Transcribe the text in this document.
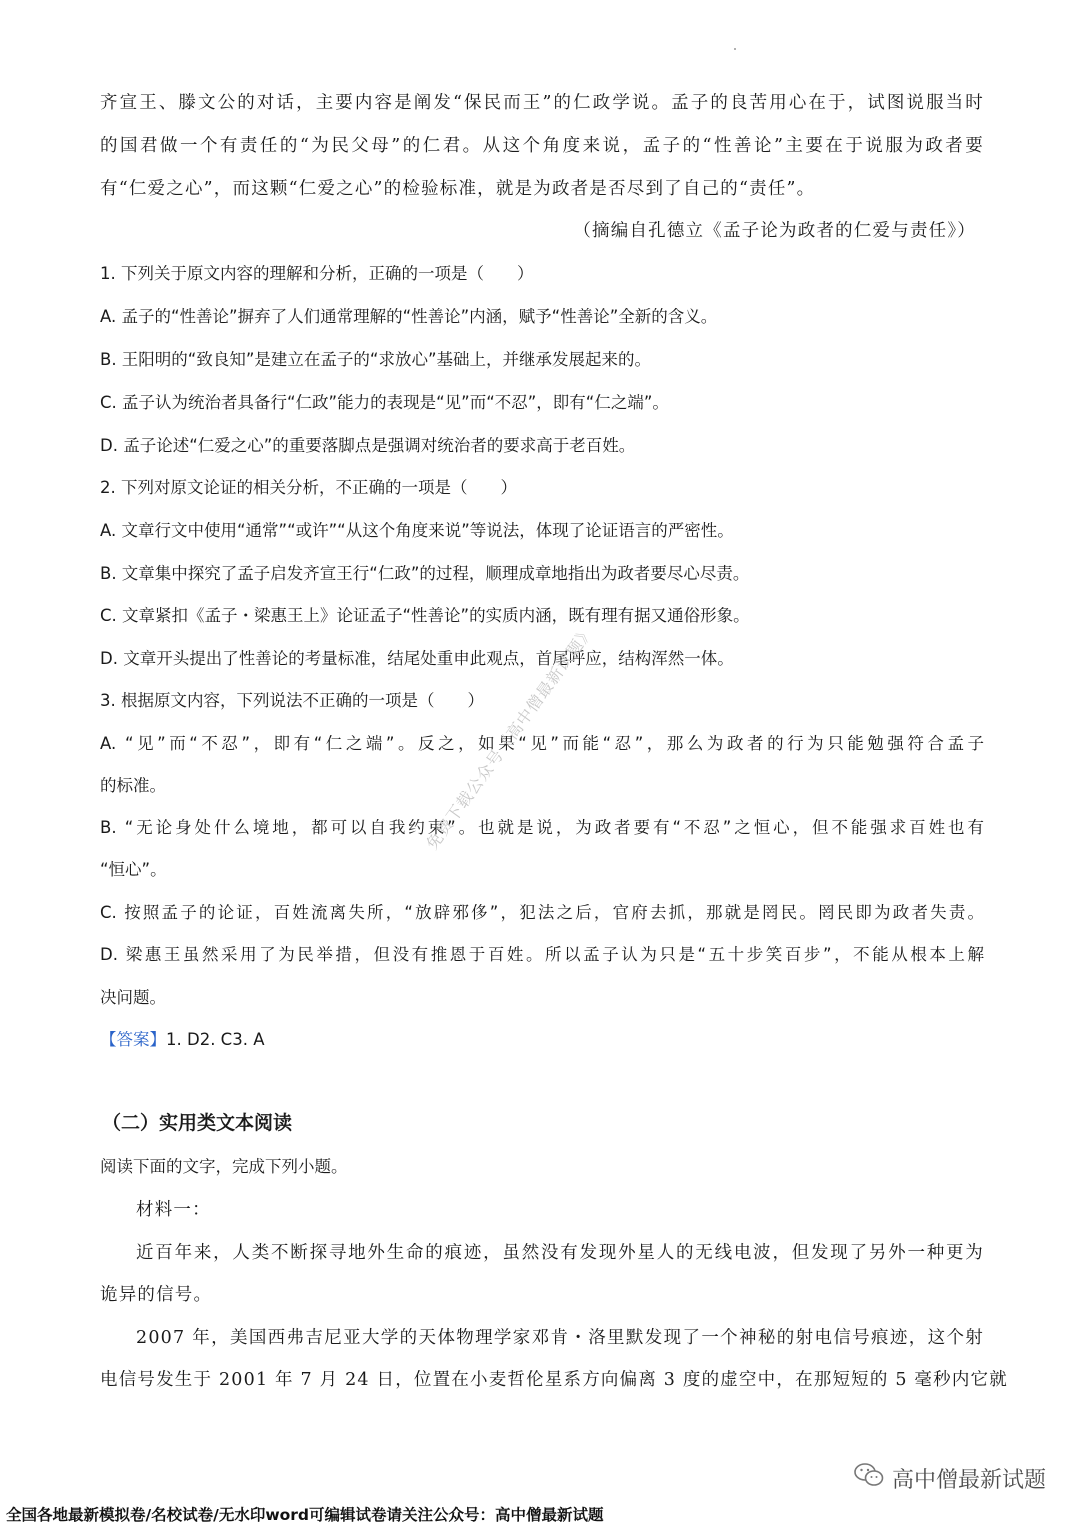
齐宣王、滕文公的对话，主要内容是阐发“保民而王”的仁政学说。孟子的良苦用心在于，试图说服当时
的国君做一个有责任的“为民父母”的仁君。从这个角度来说，孟子的“性善论”主要在于说服为政者要
有“仁爱之心”，而这颗“仁爱之心”的检验标准，就是为政者是否尽到了自己的“责任”。
（摘编自孔德立《孟子论为政者的仁爱与责任》）
1. 下列关于原文内容的理解和分析，正确的一项是（　　）
A. 孟子的“性善论”摒弃了人们通常理解的“性善论”内涵，赋予“性善论”全新的含义。
B. 王阳明的“致良知”是建立在孟子的“求放心”基础上，并继承发展起来的。
C. 孟子认为统治者具备行“仁政”能力的表现是“见”而“不忍”，即有“仁之端”。
D. 孟子论述“仁爱之心”的重要落脚点是强调对统治者的要求高于老百姓。
2. 下列对原文论证的相关分析，不正确的一项是（　　）
A. 文章行文中使用“通常”“或许”“从这个角度来说”等说法，体现了论证语言的严密性。
B. 文章集中探究了孟子启发齐宣王行“仁政”的过程，顺理成章地指出为政者要尽心尽责。
C. 文章紧扣《孟子・梁惠王上》论证孟子“性善论”的实质内涵，既有理有据又通俗形象。
D. 文章开头提出了性善论的考量标准，结尾处重申此观点，首尾呼应，结构浑然一体。
3. 根据原文内容，下列说法不正确的一项是（　　）
A. “见”而“不忍”，即有“仁之端”。反之，如果“见”而能“忍”，那么为政者的行为只能勉强符合孟子
的标准。
B. “无论身处什么境地，都可以自我约束”。也就是说，为政者要有“不忍”之恒心，但不能强求百姓也有
“恒心”。
C. 按照孟子的论证，百姓流离失所，“放辟邪侈”，犯法之后，官府去抓，那就是罔民。罔民即为政者失责。
D. 梁惠王虽然采用了为民举措，但没有推恩于百姓。所以孟子认为只是“五十步笑百步”，不能从根本上解
决问题。
【答案】1. D2. C3. A
（二）实用类文本阅读
阅读下面的文字，完成下列小题。
材料一：
近百年来，人类不断探寻地外生命的痕迹，虽然没有发现外星人的无线电波，但发现了另外一种更为
诡异的信号。
2007 年，美国西弗吉尼亚大学的天体物理学家邓肯・洛里默发现了一个神秘的射电信号痕迹，这个射
电信号发生于 2001 年 7 月 24 日，位置在小麦哲伦星系方向偏离 3 度的虚空中，在那短短的 5 毫秒内它就
免费下载公众号《高中僧最新试题》
高中僧最新试题
全国各地最新模拟卷/名校试卷/无水印word可编辑试卷请关注公众号：高中僧最新试题
